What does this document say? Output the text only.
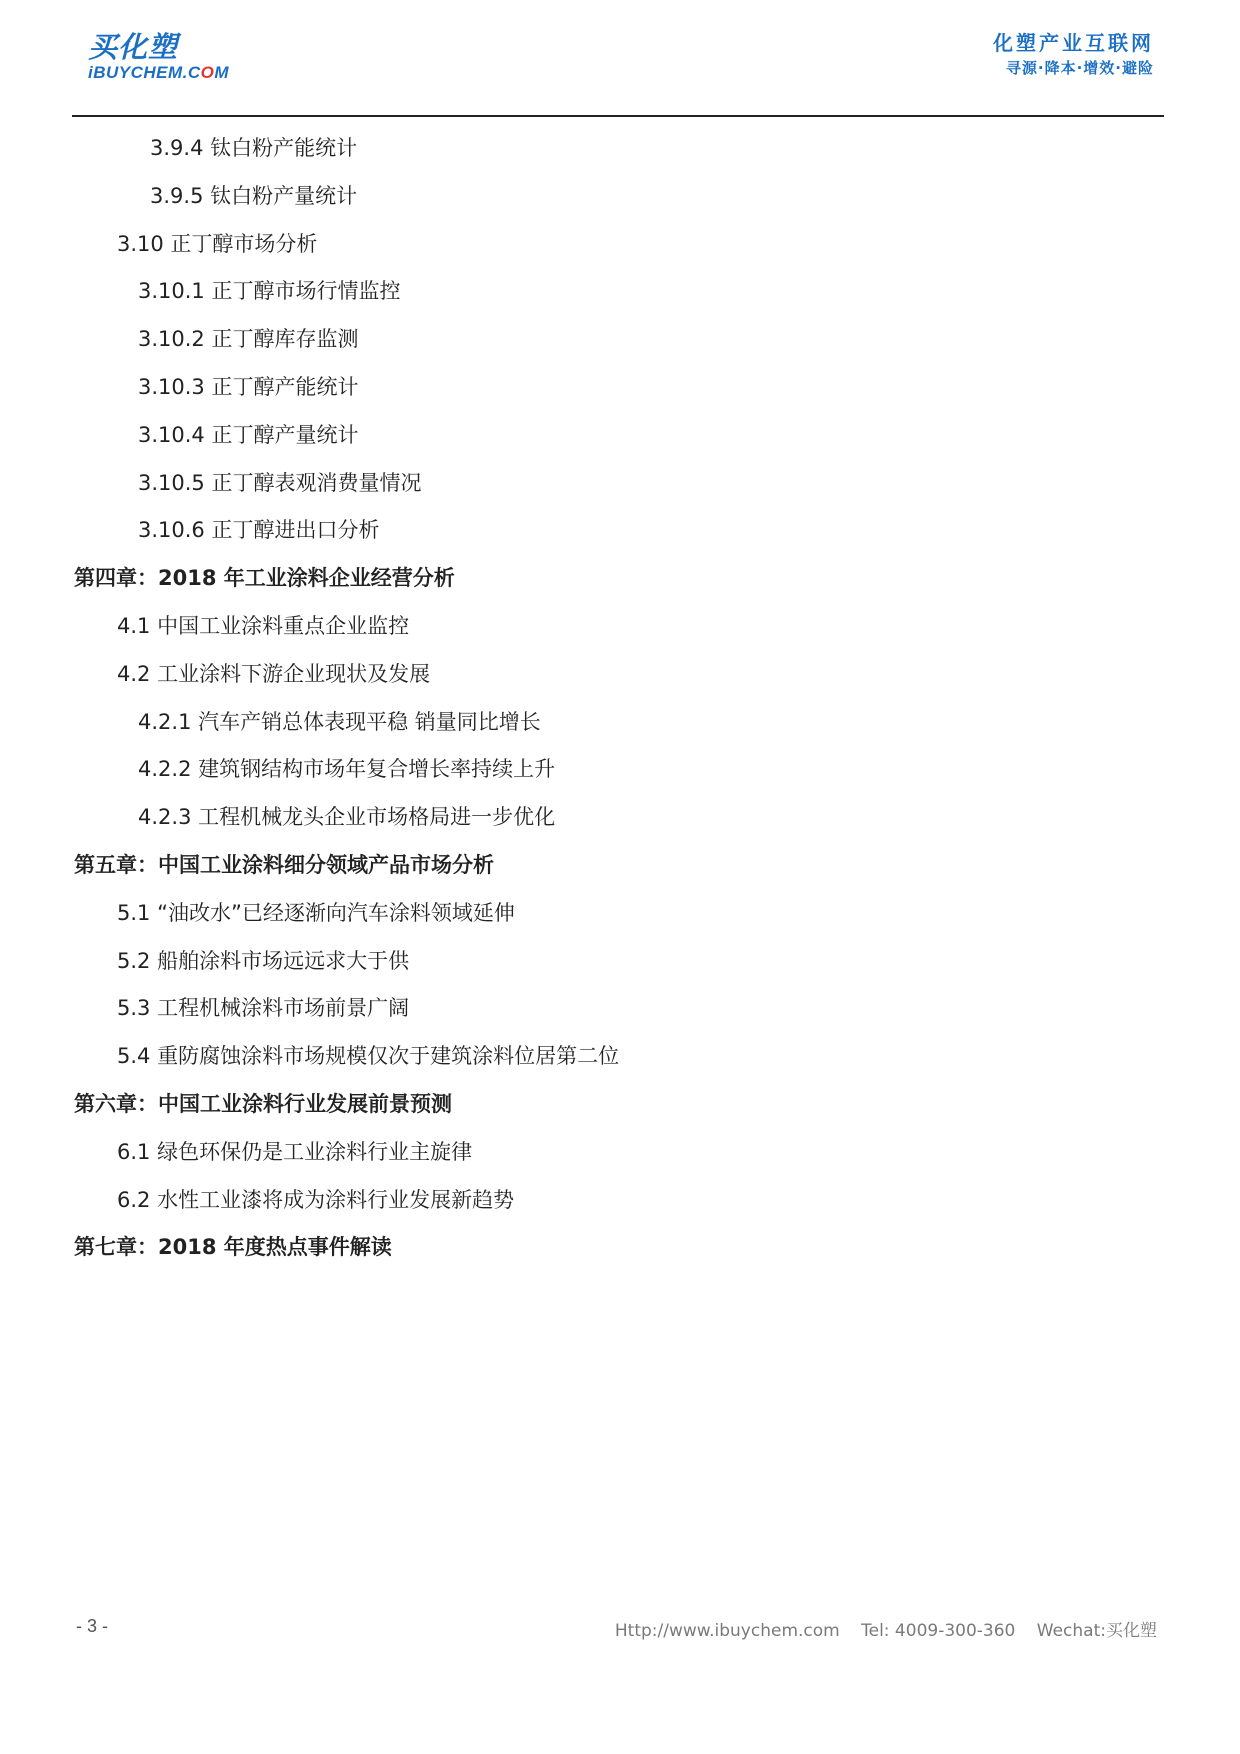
买化塑
iBUYCHEM.COM
化塑产业互联网
寻源·降本·增效·避险
3.9.4 钛白粉产能统计
3.9.5 钛白粉产量统计
3.10 正丁醇市场分析
3.10.1 正丁醇市场行情监控
3.10.2 正丁醇库存监测
3.10.3 正丁醇产能统计
3.10.4 正丁醇产量统计
3.10.5 正丁醇表观消费量情况
3.10.6 正丁醇进出口分析
第四章：2018 年工业涂料企业经营分析
4.1 中国工业涂料重点企业监控
4.2 工业涂料下游企业现状及发展
4.2.1 汽车产销总体表现平稳 销量同比增长
4.2.2 建筑钢结构市场年复合增长率持续上升
4.2.3 工程机械龙头企业市场格局进一步优化
第五章：中国工业涂料细分领域产品市场分析
5.1 “油改水”已经逐渐向汽车涂料领域延伸
5.2 船舶涂料市场远远求大于供
5.3 工程机械涂料市场前景广阔
5.4 重防腐蚀涂料市场规模仅次于建筑涂料位居第二位
第六章：中国工业涂料行业发展前景预测
6.1 绿色环保仍是工业涂料行业主旋律
6.2 水性工业漆将成为涂料行业发展新趋势
第七章：2018 年度热点事件解读
- 3 -	Http://www.ibuychem.com Tel: 4009-300-360 Wechat:买化塑
